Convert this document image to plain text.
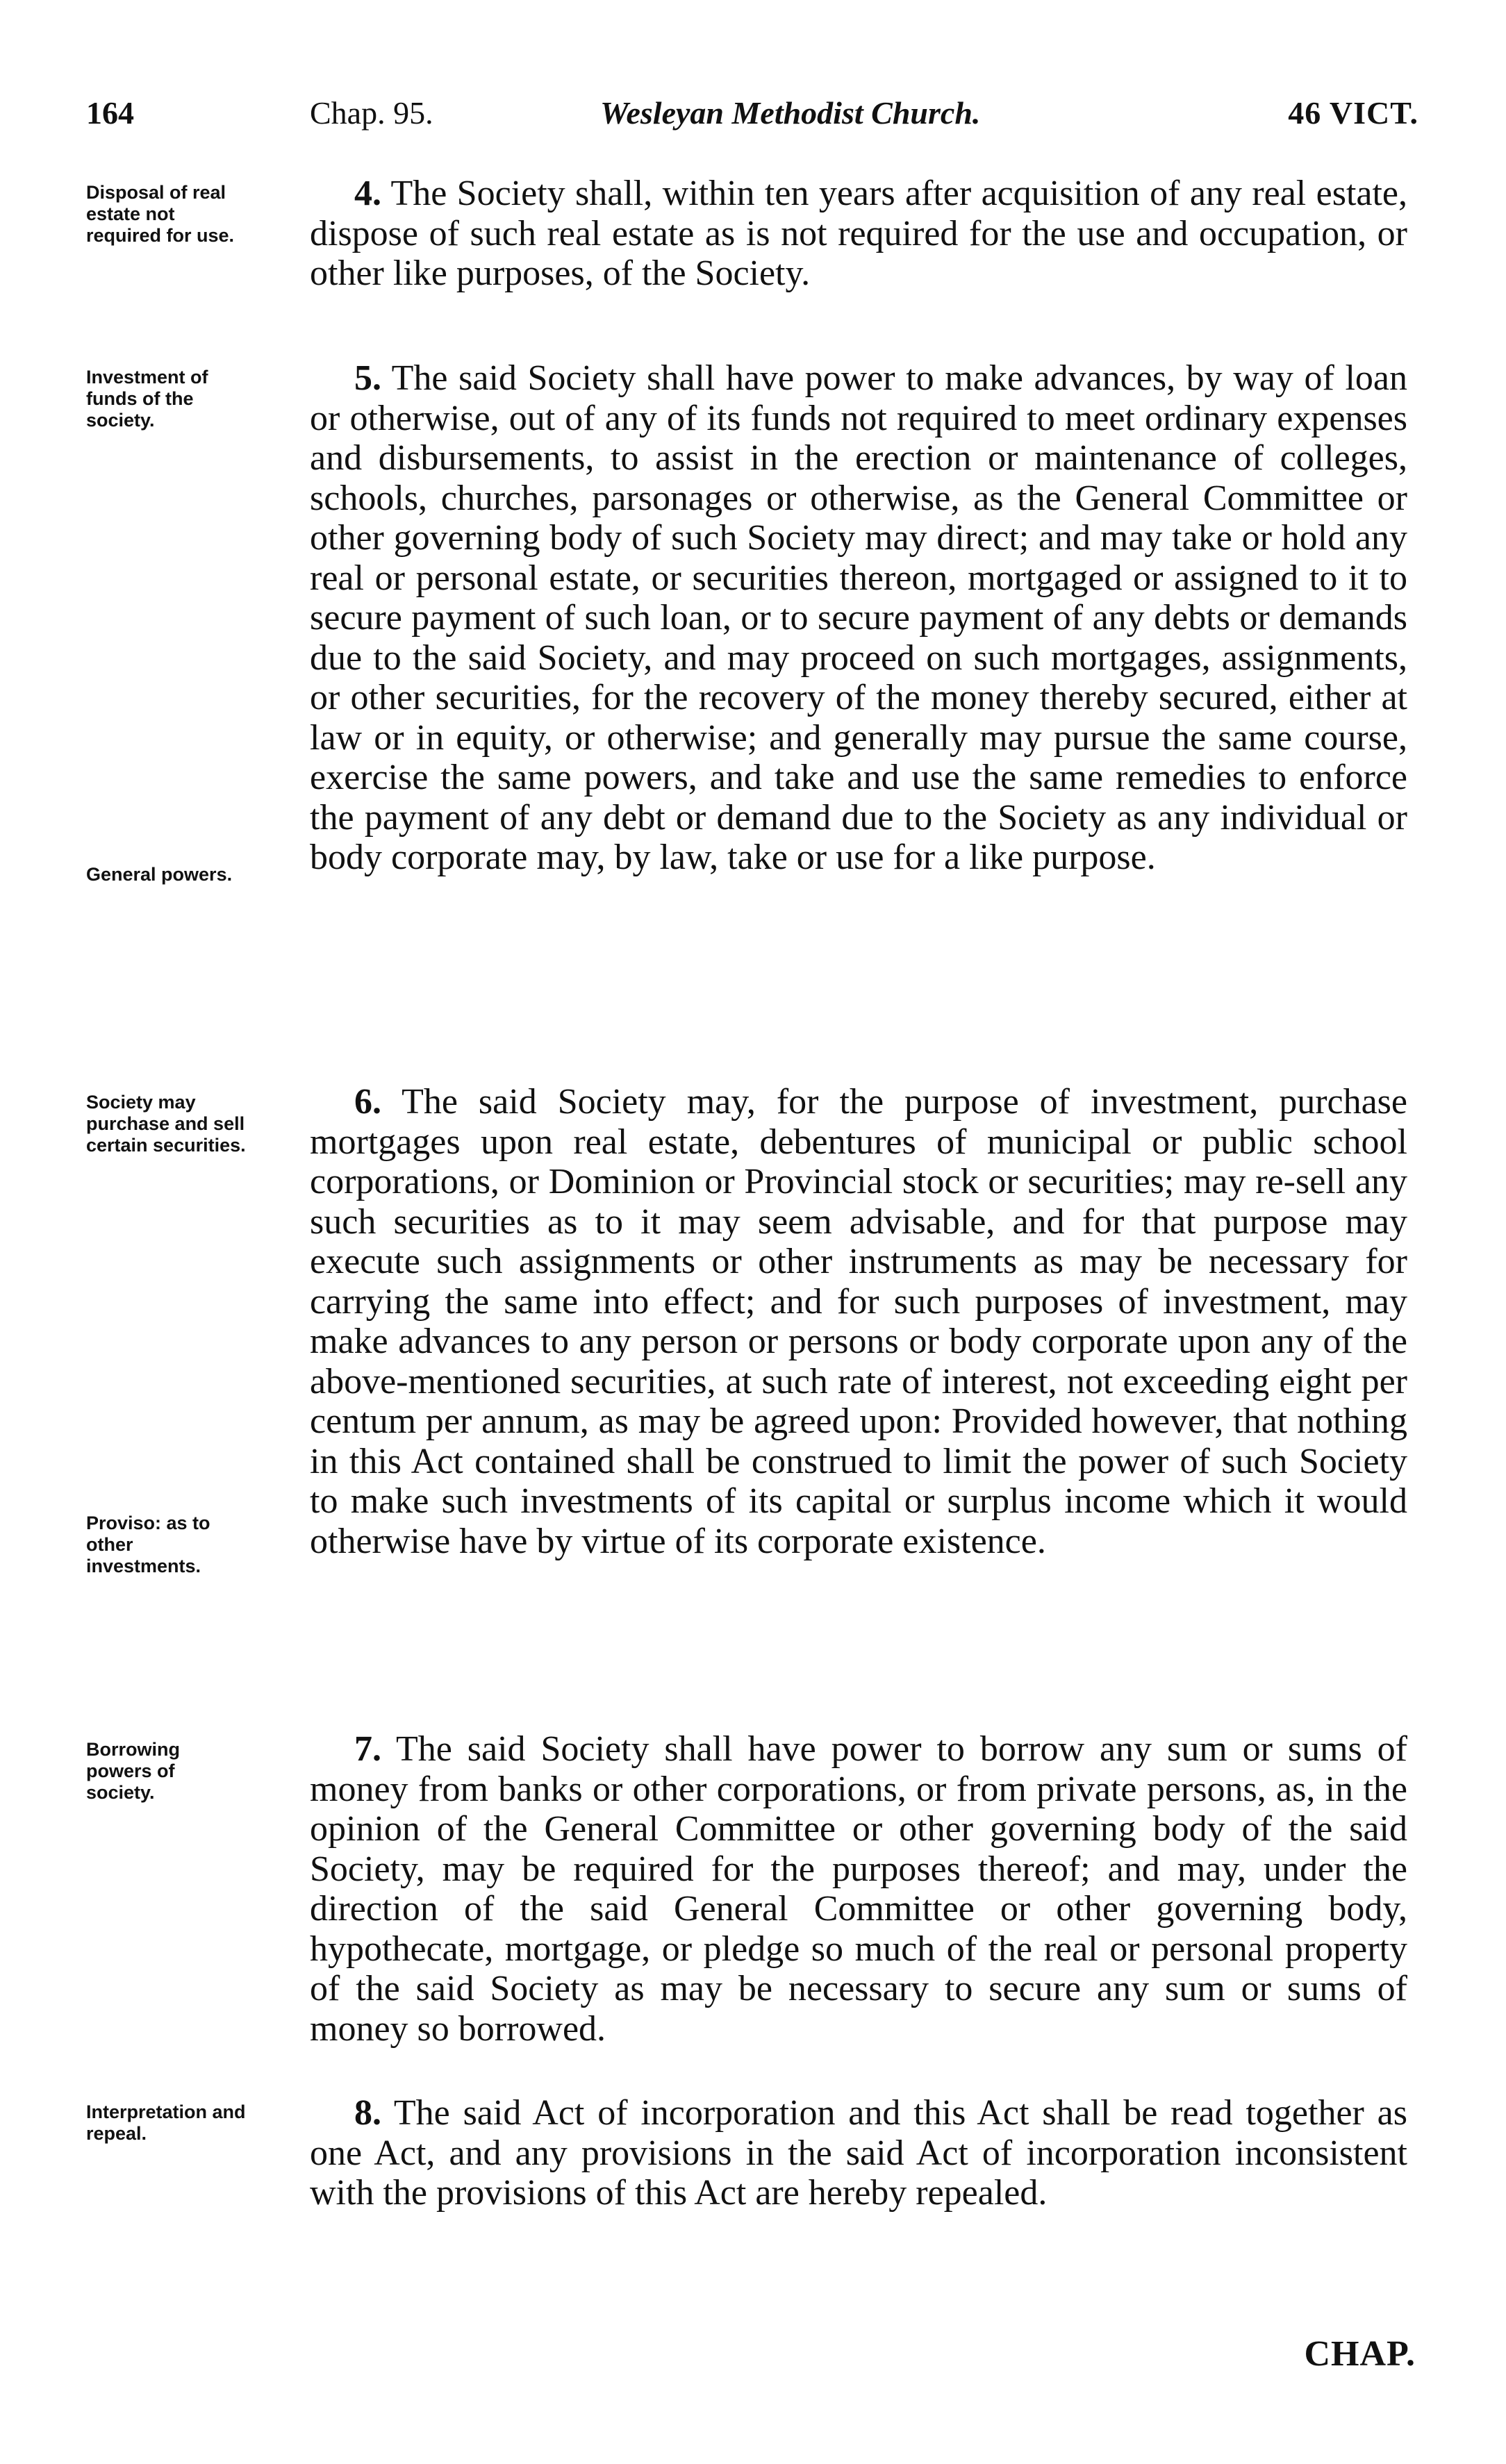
164	Chap. 95.	Wesleyan Methodist Church.	46 VICT.
Disposal of real estate not required for use.
4. The Society shall, within ten years after acquisition of any real estate, dispose of such real estate as is not required for the use and occupation, or other like purposes, of the Society.
Investment of funds of the society.
General powers.
5. The said Society shall have power to make advances, by way of loan or otherwise, out of any of its funds not required to meet ordinary expenses and disbursements, to assist in the erection or maintenance of colleges, schools, churches, parsonages or otherwise, as the General Committee or other governing body of such Society may direct; and may take or hold any real or personal estate, or securities thereon, mortgaged or assigned to it to secure payment of such loan, or to secure payment of any debts or demands due to the said Society, and may proceed on such mortgages, assignments, or other securities, for the recovery of the money thereby secured, either at law or in equity, or otherwise; and generally may pursue the same course, exercise the same powers, and take and use the same remedies to enforce the payment of any debt or demand due to the Society as any individual or body corporate may, by law, take or use for a like purpose.
Society may purchase and sell certain securities.
Proviso: as to other investments.
6. The said Society may, for the purpose of investment, purchase mortgages upon real estate, debentures of municipal or public school corporations, or Dominion or Provincial stock or securities; may re-sell any such securities as to it may seem advisable, and for that purpose may execute such assignments or other instruments as may be necessary for carrying the same into effect; and for such purposes of investment, may make advances to any person or persons or body corporate upon any of the above-mentioned securities, at such rate of interest, not exceeding eight per centum per annum, as may be agreed upon: Provided however, that nothing in this Act contained shall be construed to limit the power of such Society to make such investments of its capital or surplus income which it would otherwise have by virtue of its corporate existence.
Borrowing powers of society.
7. The said Society shall have power to borrow any sum or sums of money from banks or other corporations, or from private persons, as, in the opinion of the General Committee or other governing body of the said Society, may be required for the purposes thereof; and may, under the direction of the said General Committee or other governing body, hypothecate, mortgage, or pledge so much of the real or personal property of the said Society as may be necessary to secure any sum or sums of money so borrowed.
Interpretation and repeal.
8. The said Act of incorporation and this Act shall be read together as one Act, and any provisions in the said Act of incorporation inconsistent with the provisions of this Act are hereby repealed.
CHAP.
